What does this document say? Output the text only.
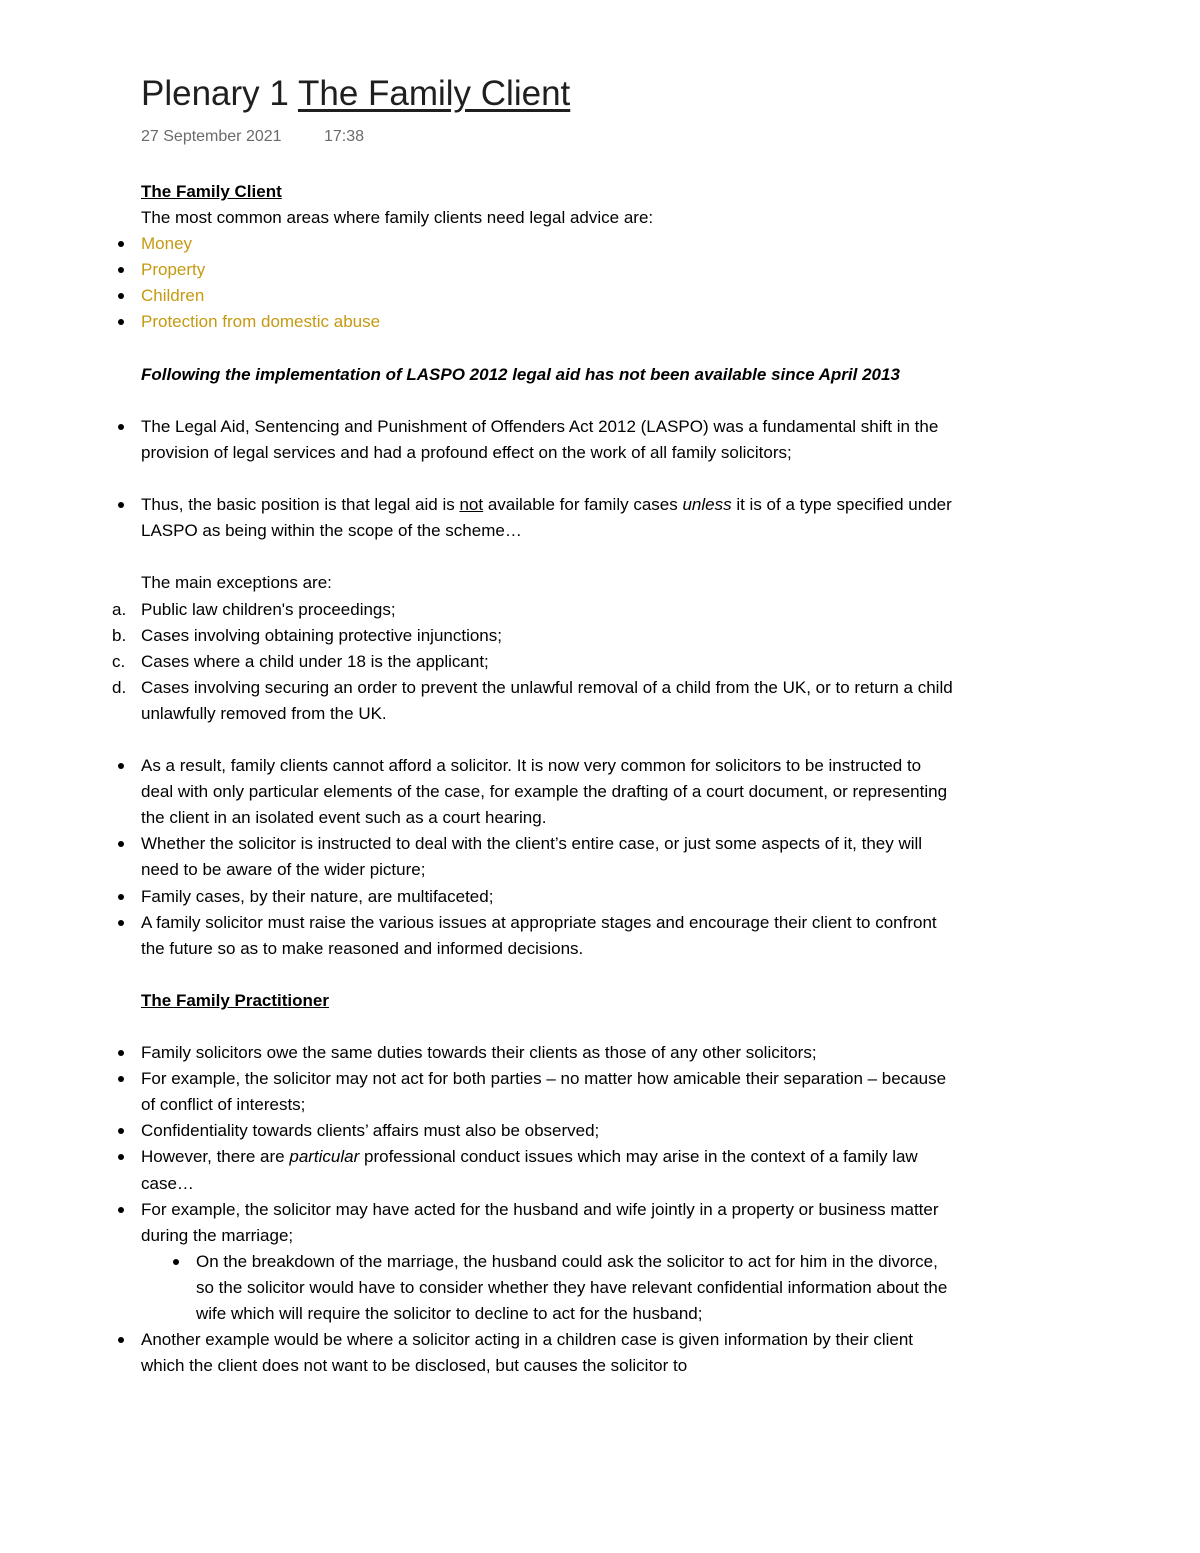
Plenary 1 The Family Client
27 September 2021	17:38

The Family Client

The most common areas where family clients need legal advice are:

Money
Property
Children
Protection from domestic abuse

Following the implementation of LASPO 2012 legal aid has not been available since April 2013

The Legal Aid, Sentencing and Punishment of Offenders Act 2012 (LASPO) was a fundamental shift in the provision of legal services and had a profound effect on the work of all family solicitors;
Thus, the basic position is that legal aid is not available for family cases unless it is of a type specified under LASPO as being within the scope of the scheme…

The main exceptions are:

a. Public law children's proceedings;
b. Cases involving obtaining protective injunctions;
c. Cases where a child under 18 is the applicant;
d. Cases involving securing an order to prevent the unlawful removal of a child from the UK, or to return a child unlawfully removed from the UK.
As a result, family clients cannot afford a solicitor. It is now very common for solicitors to be instructed to deal with only particular elements of the case, for example the drafting of a court document, or representing the client in an isolated event such as a court hearing.
Whether the solicitor is instructed to deal with the client’s entire case, or just some aspects of it, they will need to be aware of the wider picture;
Family cases, by their nature, are multifaceted;
A family solicitor must raise the various issues at appropriate stages and encourage their client to confront the future so as to make reasoned and informed decisions.

The Family Practitioner

Family solicitors owe the same duties towards their clients as those of any other solicitors;
For example, the solicitor may not act for both parties – no matter how amicable their separation – because of conflict of interests;
Confidentiality towards clients’ affairs must also be observed;
However, there are particular professional conduct issues which may arise in the context of a family law case…
For example, the solicitor may have acted for the husband and wife jointly in a property or business matter during the marriage;
On the breakdown of the marriage, the husband could ask the solicitor to act for him in the divorce, so the solicitor would have to consider whether they have relevant confidential information about the wife which will require the solicitor to decline to act for the husband;
Another example would be where a solicitor acting in a children case is given information by their client which the client does not want to be disclosed, but causes the solicitor to
